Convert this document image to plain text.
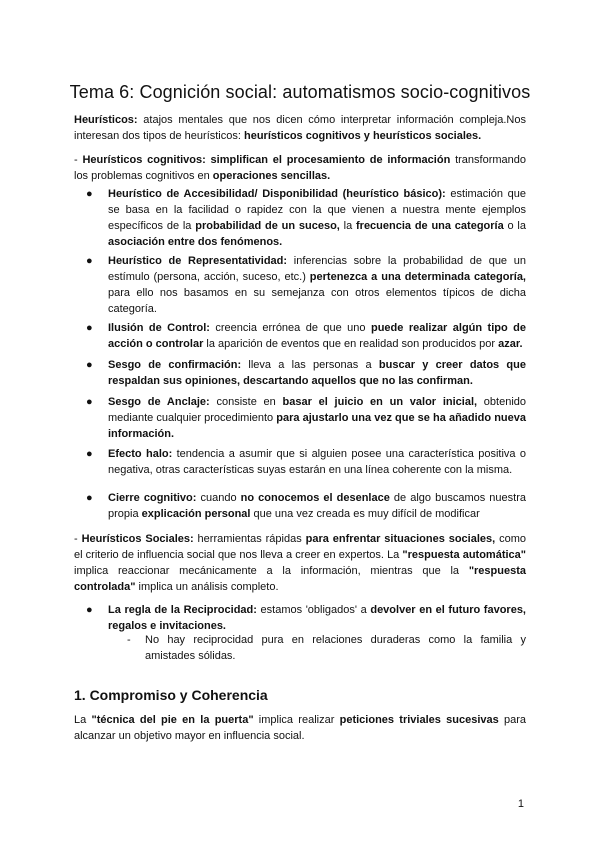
Tema 6: Cognición social: automatismos socio-cognitivos

Heurísticos: atajos mentales que nos dicen cómo interpretar información compleja.Nos interesan dos tipos de heurísticos: heurísticos cognitivos y heurísticos sociales.

- Heurísticos cognitivos: simplifican el procesamiento de información transformando los problemas cognitivos en operaciones sencillas.

● Heurístico de Accesibilidad/ Disponibilidad (heurístico básico): estimación que se basa en la facilidad o rapidez con la que vienen a nuestra mente ejemplos específicos de la probabilidad de un suceso, la frecuencia de una categoría o la asociación entre dos fenómenos.
● Heurístico de Representatividad: inferencias sobre la probabilidad de que un estímulo (persona, acción, suceso, etc.) pertenezca a una determinada categoría, para ello nos basamos en su semejanza con otros elementos típicos de dicha categoría.
● Ilusión de Control: creencia errónea de que uno puede realizar algún tipo de acción o controlar la aparición de eventos que en realidad son producidos por azar.
● Sesgo de confirmación: lleva a las personas a buscar y creer datos que respaldan sus opiniones, descartando aquellos que no las confirman.
● Sesgo de Anclaje: consiste en basar el juicio en un valor inicial, obtenido mediante cualquier procedimiento para ajustarlo una vez que se ha añadido nueva información.
● Efecto halo: tendencia a asumir que si alguien posee una característica positiva o negativa, otras características suyas estarán en una línea coherente con la misma.
● Cierre cognitivo: cuando no conocemos el desenlace de algo buscamos nuestra propia explicación personal que una vez creada es muy difícil de modificar

- Heurísticos Sociales: herramientas rápidas para enfrentar situaciones sociales, como el criterio de influencia social que nos lleva a creer en expertos. La "respuesta automática" implica reaccionar mecánicamente a la información, mientras que la "respuesta controlada" implica un análisis completo.

● La regla de la Reciprocidad: estamos 'obligados' a devolver en el futuro favores, regalos e invitaciones.
- No hay reciprocidad pura en relaciones duraderas como la familia y amistades sólidas.
1. Compromiso y Coherencia

La "técnica del pie en la puerta" implica realizar peticiones triviales sucesivas para alcanzar un objetivo mayor en influencia social.

1
